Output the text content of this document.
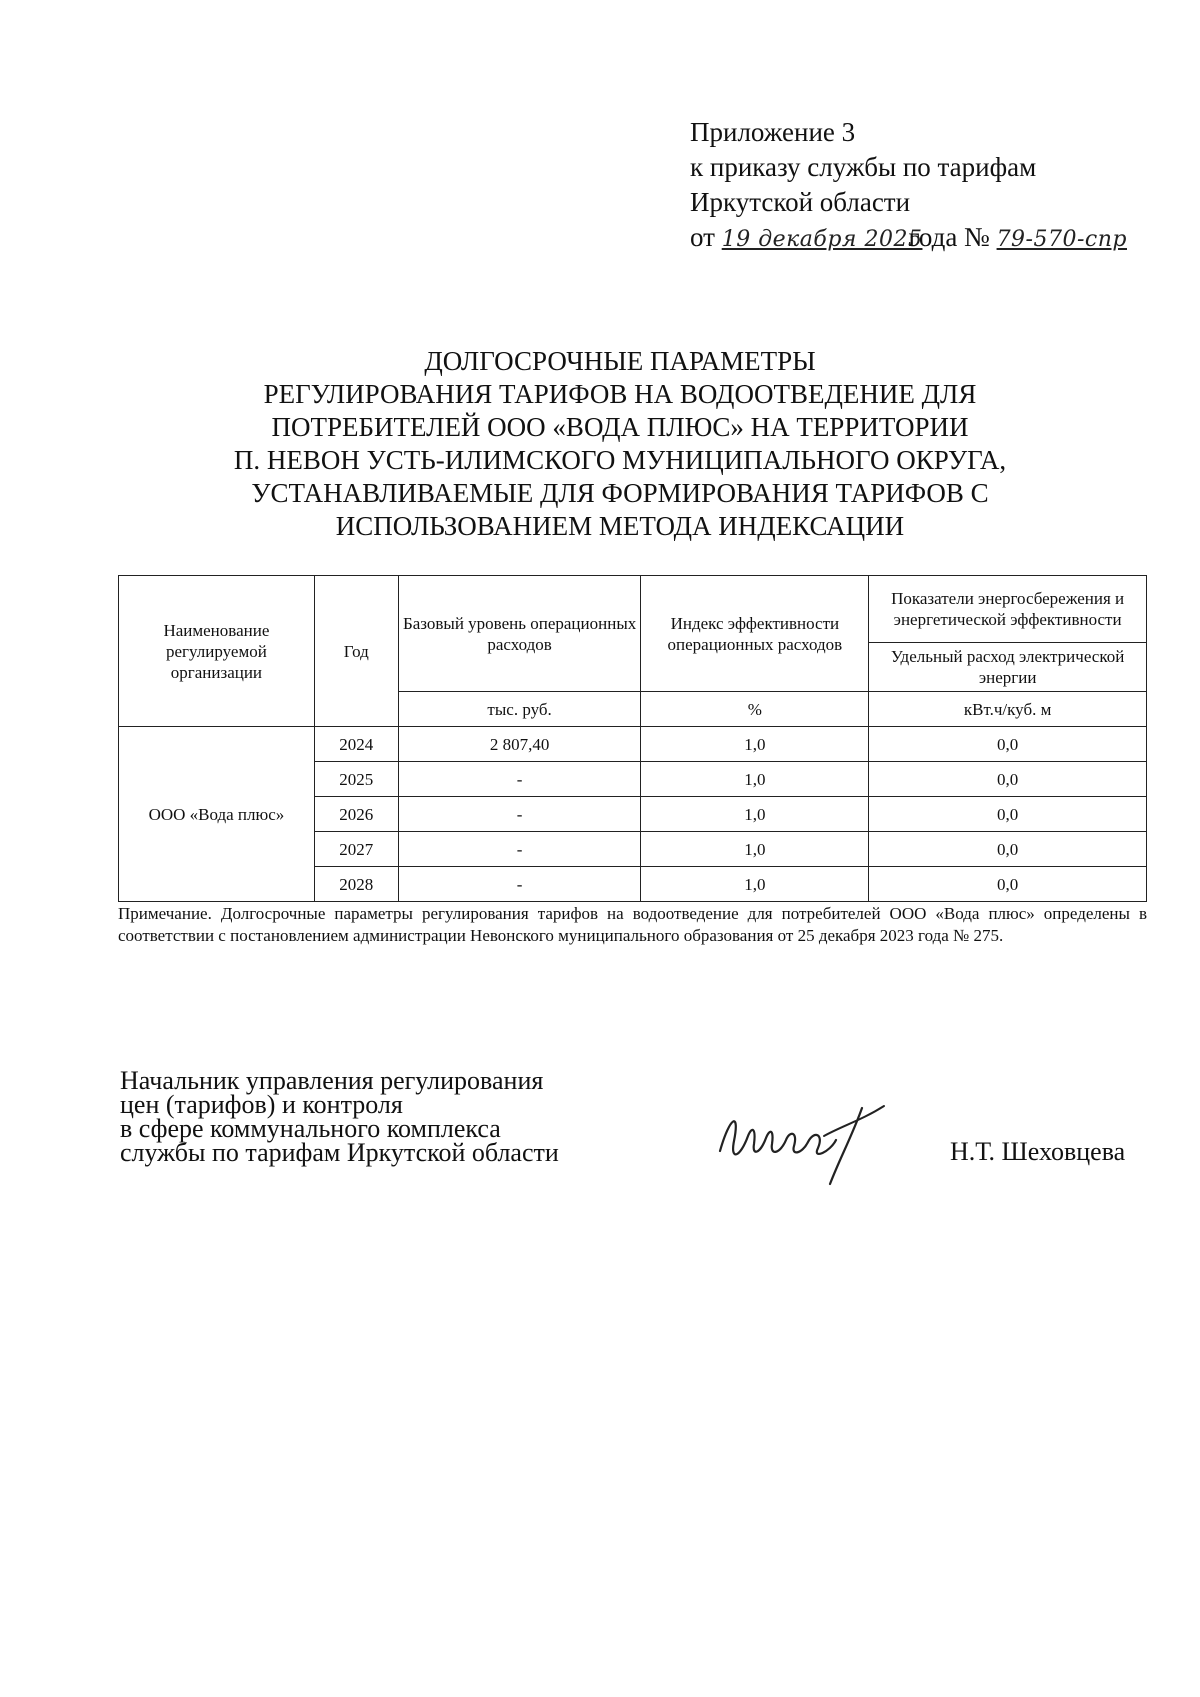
Приложение 3
к приказу службы по тарифам
Иркутской области
от 19 декабря 2025 года № 79-570-спр
ДОЛГОСРОЧНЫЕ ПАРАМЕТРЫ
РЕГУЛИРОВАНИЯ ТАРИФОВ НА ВОДООТВЕДЕНИЕ ДЛЯ
ПОТРЕБИТЕЛЕЙ ООО «ВОДА ПЛЮС» НА ТЕРРИТОРИИ
П. НЕВОН УСТЬ-ИЛИМСКОГО МУНИЦИПАЛЬНОГО ОКРУГА,
УСТАНАВЛИВАЕМЫЕ ДЛЯ ФОРМИРОВАНИЯ ТАРИФОВ С
ИСПОЛЬЗОВАНИЕМ МЕТОДА ИНДЕКСАЦИИ
Наименование регулируемой организации	Год	Базовый уровень операционных расходов	Индекс эффективности операционных расходов	Показатели энергосбережения и энергетической эффективности
				Удельный расход электрической энергии
		тыс. руб.	%	кВт.ч/куб. м
ООО «Вода плюс»	2024	2 807,40	1,0	0,0
	2025	-	1,0	0,0
	2026	-	1,0	0,0
	2027	-	1,0	0,0
	2028	-	1,0	0,0
Примечание. Долгосрочные параметры регулирования тарифов на водоотведение для потребителей ООО «Вода плюс» определены в соответствии с постановлением администрации Невонского муниципального образования от 25 декабря 2023 года № 275.
Начальник управления регулирования
цен (тарифов) и контроля
в сфере коммунального комплекса
службы по тарифам Иркутской области	Н.Т. Шеховцева
